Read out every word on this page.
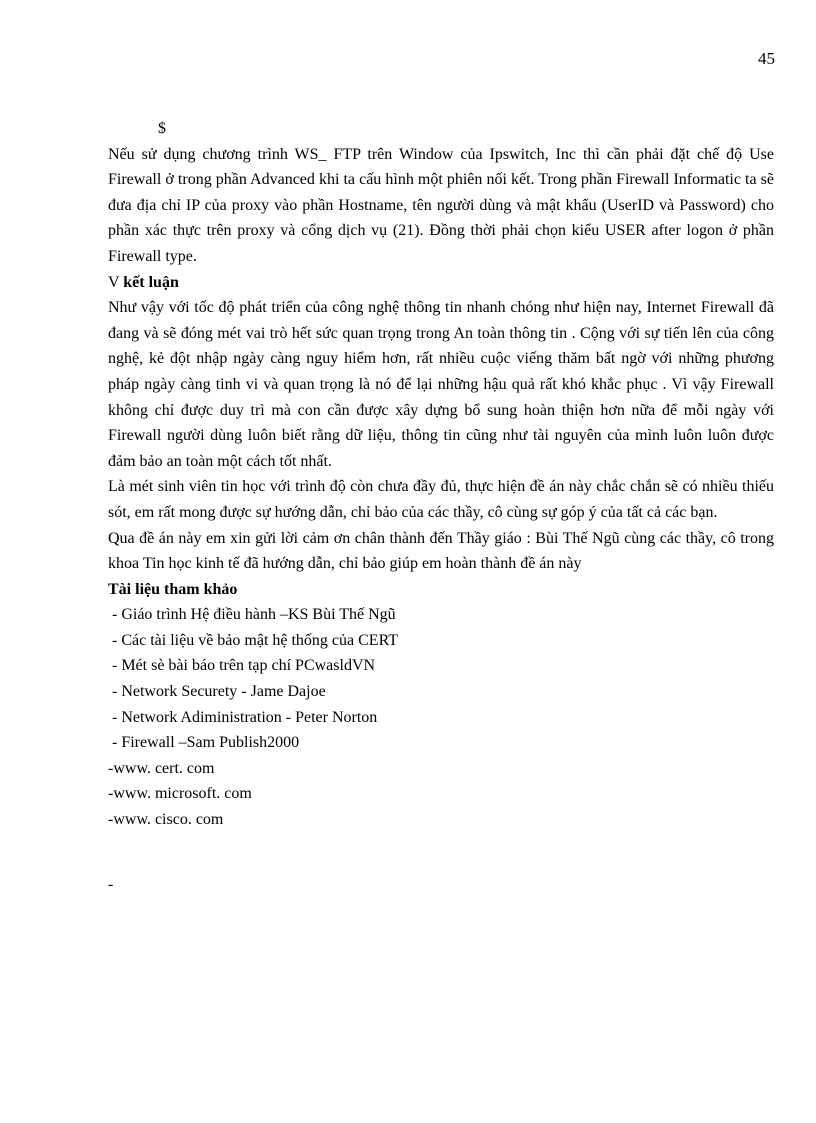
45
$

Nếu sử dụng chương trình WS_ FTP trên Window của Ipswitch, Inc thì cần phải đặt chế độ Use Firewall ở trong phần Advanced khi ta cấu hình một phiên nối kết. Trong phần Firewall Informatic ta sẽ đưa địa chỉ IP của proxy vào phần Hostname, tên người dùng và mật khẩu (UserID và Password) cho phần xác thực trên proxy và cổng dịch vụ (21). Đồng thời phải chọn kiểu USER after logon ở phần Firewall type.

V kết luận

Như vậy với tốc độ phát triển của công nghệ thông tin nhanh chóng như hiện nay, Internet Firewall đã đang và sẽ đóng mét vai trò hết sức quan trọng trong An toàn thông tin . Cộng với sự tiến lên của công nghệ, kẻ đột nhập ngày càng nguy hiểm hơn, rất nhiều cuộc viếng thăm bất ngờ với những phương pháp ngày càng tinh vi và quan trọng là nó để lại những hậu quả rất khó khắc phục . Vì vậy Firewall không chỉ được duy trì mà con cần được xây dựng bổ sung hoàn thiện hơn nữa để mỗi ngày với Firewall người dùng luôn biết rằng dữ liệu, thông tin cũng như tài nguyên của mình luôn luôn được đảm bảo an toàn một cách tốt nhất.

Là mét sinh viên tin học với trình độ còn chưa đầy đủ, thực hiện đề án này chắc chắn sẽ có nhiều thiếu sót, em rất mong được sự hướng dẫn, chỉ bảo của các thầy, cô cùng sự góp ý của tất cả các bạn.

Qua đề án này em xin gửi lời cảm ơn chân thành đến Thầy giáo : Bùi Thế Ngũ cùng các thầy, cô trong khoa Tin học kinh tế đã hướng dẫn, chỉ bảo giúp em hoàn thành đề án này

Tài liệu tham khảo
- Giáo trình Hệ điều hành –KS Bùi Thế Ngũ
- Các tài liệu về bảo mật hệ thống của CERT
- Mét sè bài báo trên tạp chí PCwasldVN
- Network Securety - Jame Dajoe
- Network Adiministration - Peter Norton
- Firewall –Sam Publish2000
-www. cert. com
-www. microsoft. com
-www. cisco. com
-
